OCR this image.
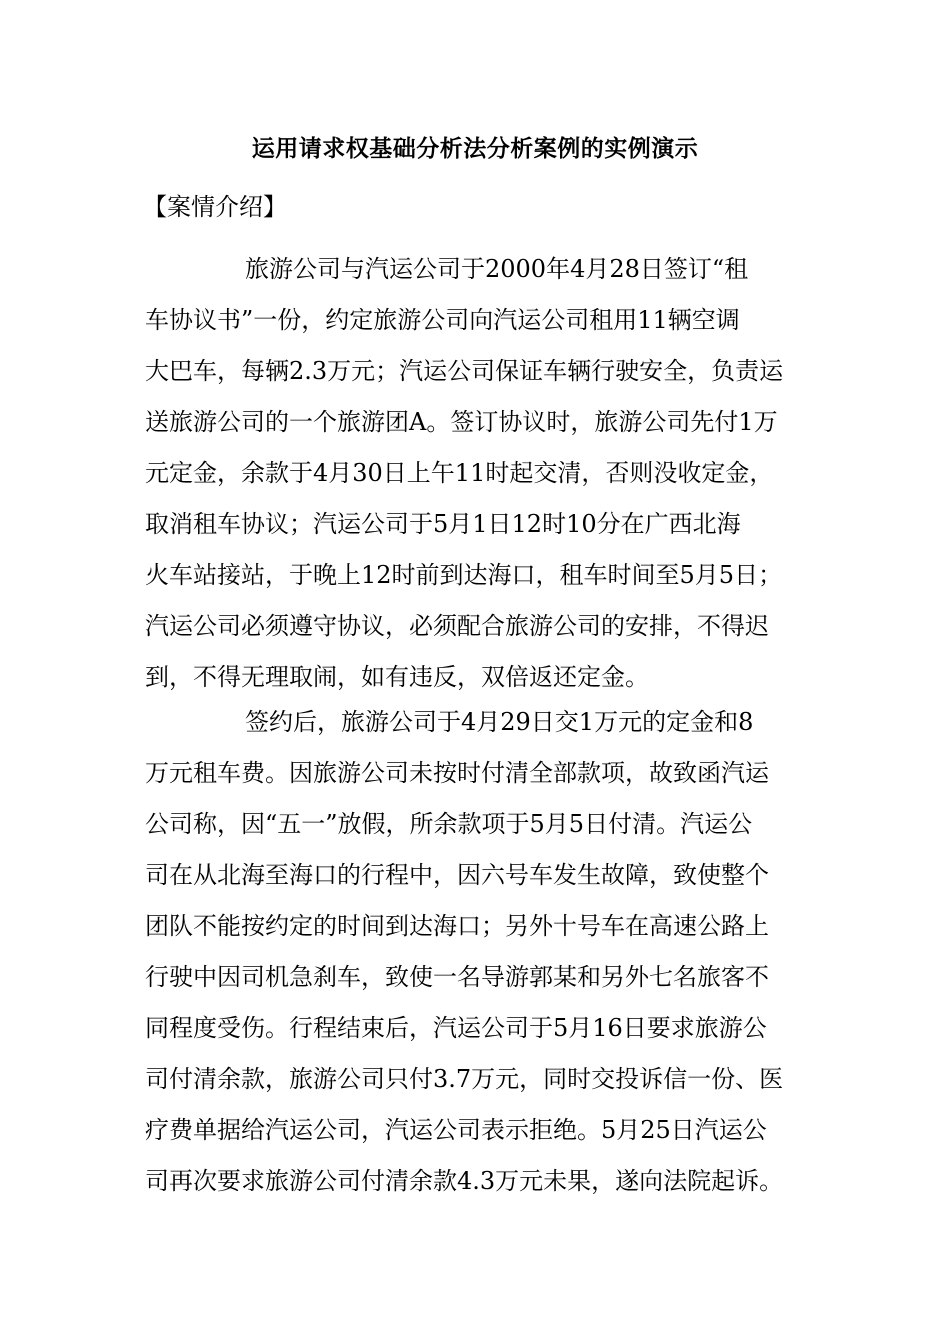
运用请求权基础分析法分析案例的实例演示
【案情介绍】
旅游公司与汽运公司于2000年4月28日签订“租
车协议书”一份，约定旅游公司向汽运公司租用11辆空调
大巴车，每辆2.3万元；汽运公司保证车辆行驶安全，负责运
送旅游公司的一个旅游团A。签订协议时，旅游公司先付1万
元定金，余款于4月30日上午11时起交清，否则没收定金，
取消租车协议；汽运公司于5月1日12时10分在广西北海
火车站接站，于晚上12时前到达海口，租车时间至5月5日；
汽运公司必须遵守协议，必须配合旅游公司的安排，不得迟
到，不得无理取闹，如有违反，双倍返还定金。
签约后，旅游公司于4月29日交1万元的定金和8
万元租车费。因旅游公司未按时付清全部款项，故致函汽运
公司称，因“五一”放假，所余款项于5月5日付清。汽运公
司在从北海至海口的行程中，因六号车发生故障，致使整个
团队不能按约定的时间到达海口；另外十号车在高速公路上
行驶中因司机急刹车，致使一名导游郭某和另外七名旅客不
同程度受伤。行程结束后，汽运公司于5月16日要求旅游公
司付清余款，旅游公司只付3.7万元，同时交投诉信一份、医
疗费单据给汽运公司，汽运公司表示拒绝。5月25日汽运公
司再次要求旅游公司付清余款4.3万元未果，遂向法院起诉。
